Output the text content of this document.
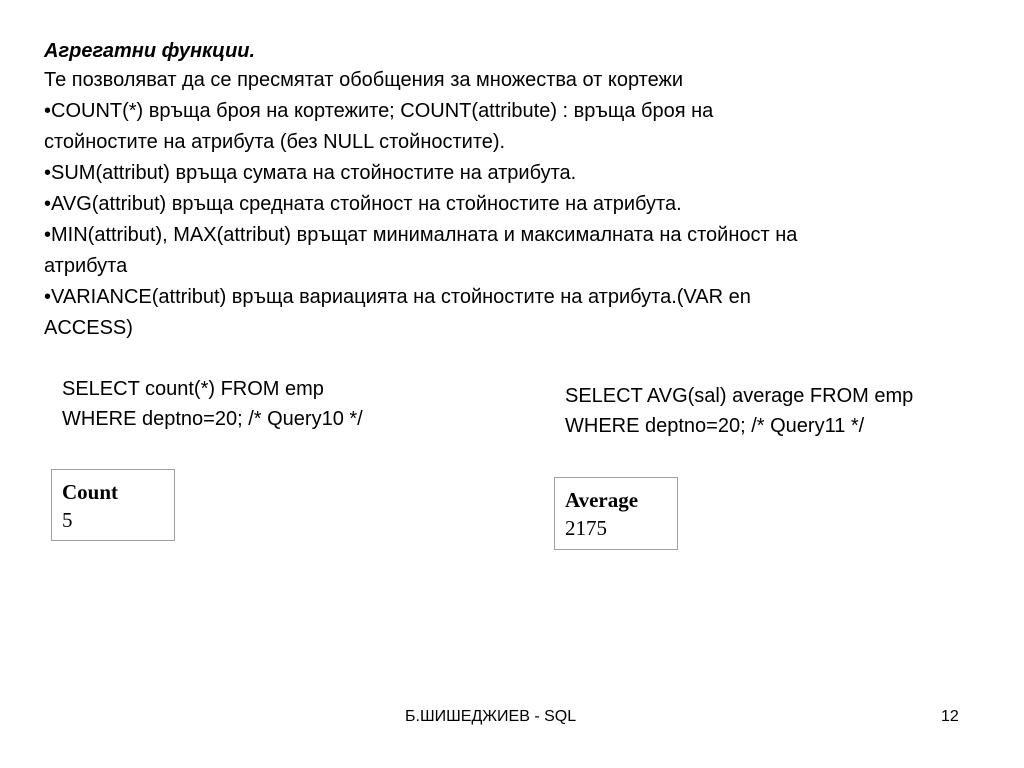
Агрегатни функции.
Те позволяват да се пресмятат обобщения за множества от кортежи
•COUNT(*) връща броя на кортежите; COUNT(attribute) : връща броя на
стойностите на атрибута (без NULL стойностите).
•SUM(attribut) връща сумата на стойностите на атрибута.
•AVG(attribut) връща средната стойност на стойностите на атрибута.
•MIN(attribut), MAX(attribut) връщат минималната и максималната на стойност на
атрибута
•VARIANCE(attribut) връща вариацията на стойностите на атрибута.(VAR en
ACCESS)
SELECT count(*) FROM emp
WHERE deptno=20; /* Query10 */
SELECT AVG(sal) average FROM emp
WHERE deptno=20; /* Query11 */
Count
5
Average
2175
Б.ШИШЕДЖИЕВ - SQL	12
